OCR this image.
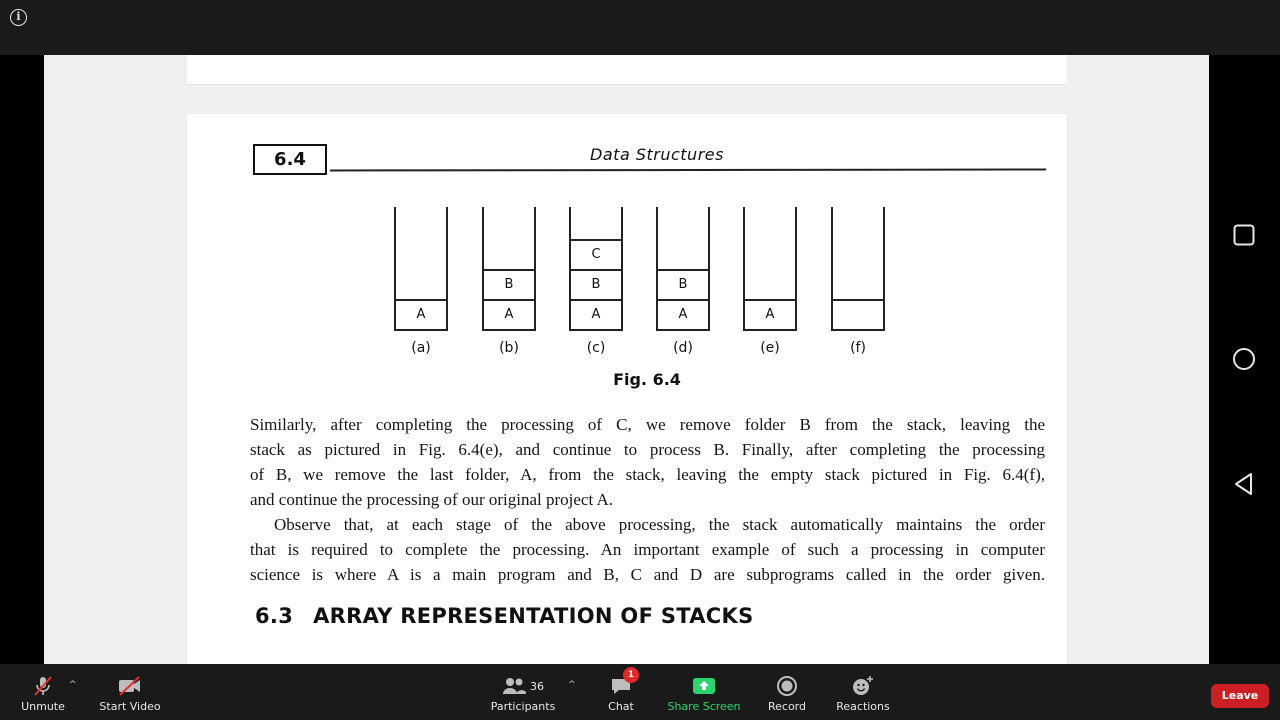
i
6.4	Data Structures
A
(a)
A
B
(b)
A
B
C
(c)
A
B
(d)
A
(e)	(f)
Fig. 6.4
Similarly, after completing the processing of C, we remove folder B from the stack, leaving the
stack as pictured in Fig. 6.4(e), and continue to process B. Finally, after completing the processing
of B, we remove the last folder, A, from the stack, leaving the empty stack pictured in Fig. 6.4(f),
and continue the processing of our original project A.
Observe that, at each stage of the above processing, the stack automatically maintains the order
that is required to complete the processing. An important example of such a processing in computer
science is where A is a main program and B, C and D are subprograms called in the order given.
6.3 ARRAY REPRESENTATION OF STACKS
Unmute
^
Start Video
36
Participants
^
1
Chat	Share Screen Record	Reactions
Leave
